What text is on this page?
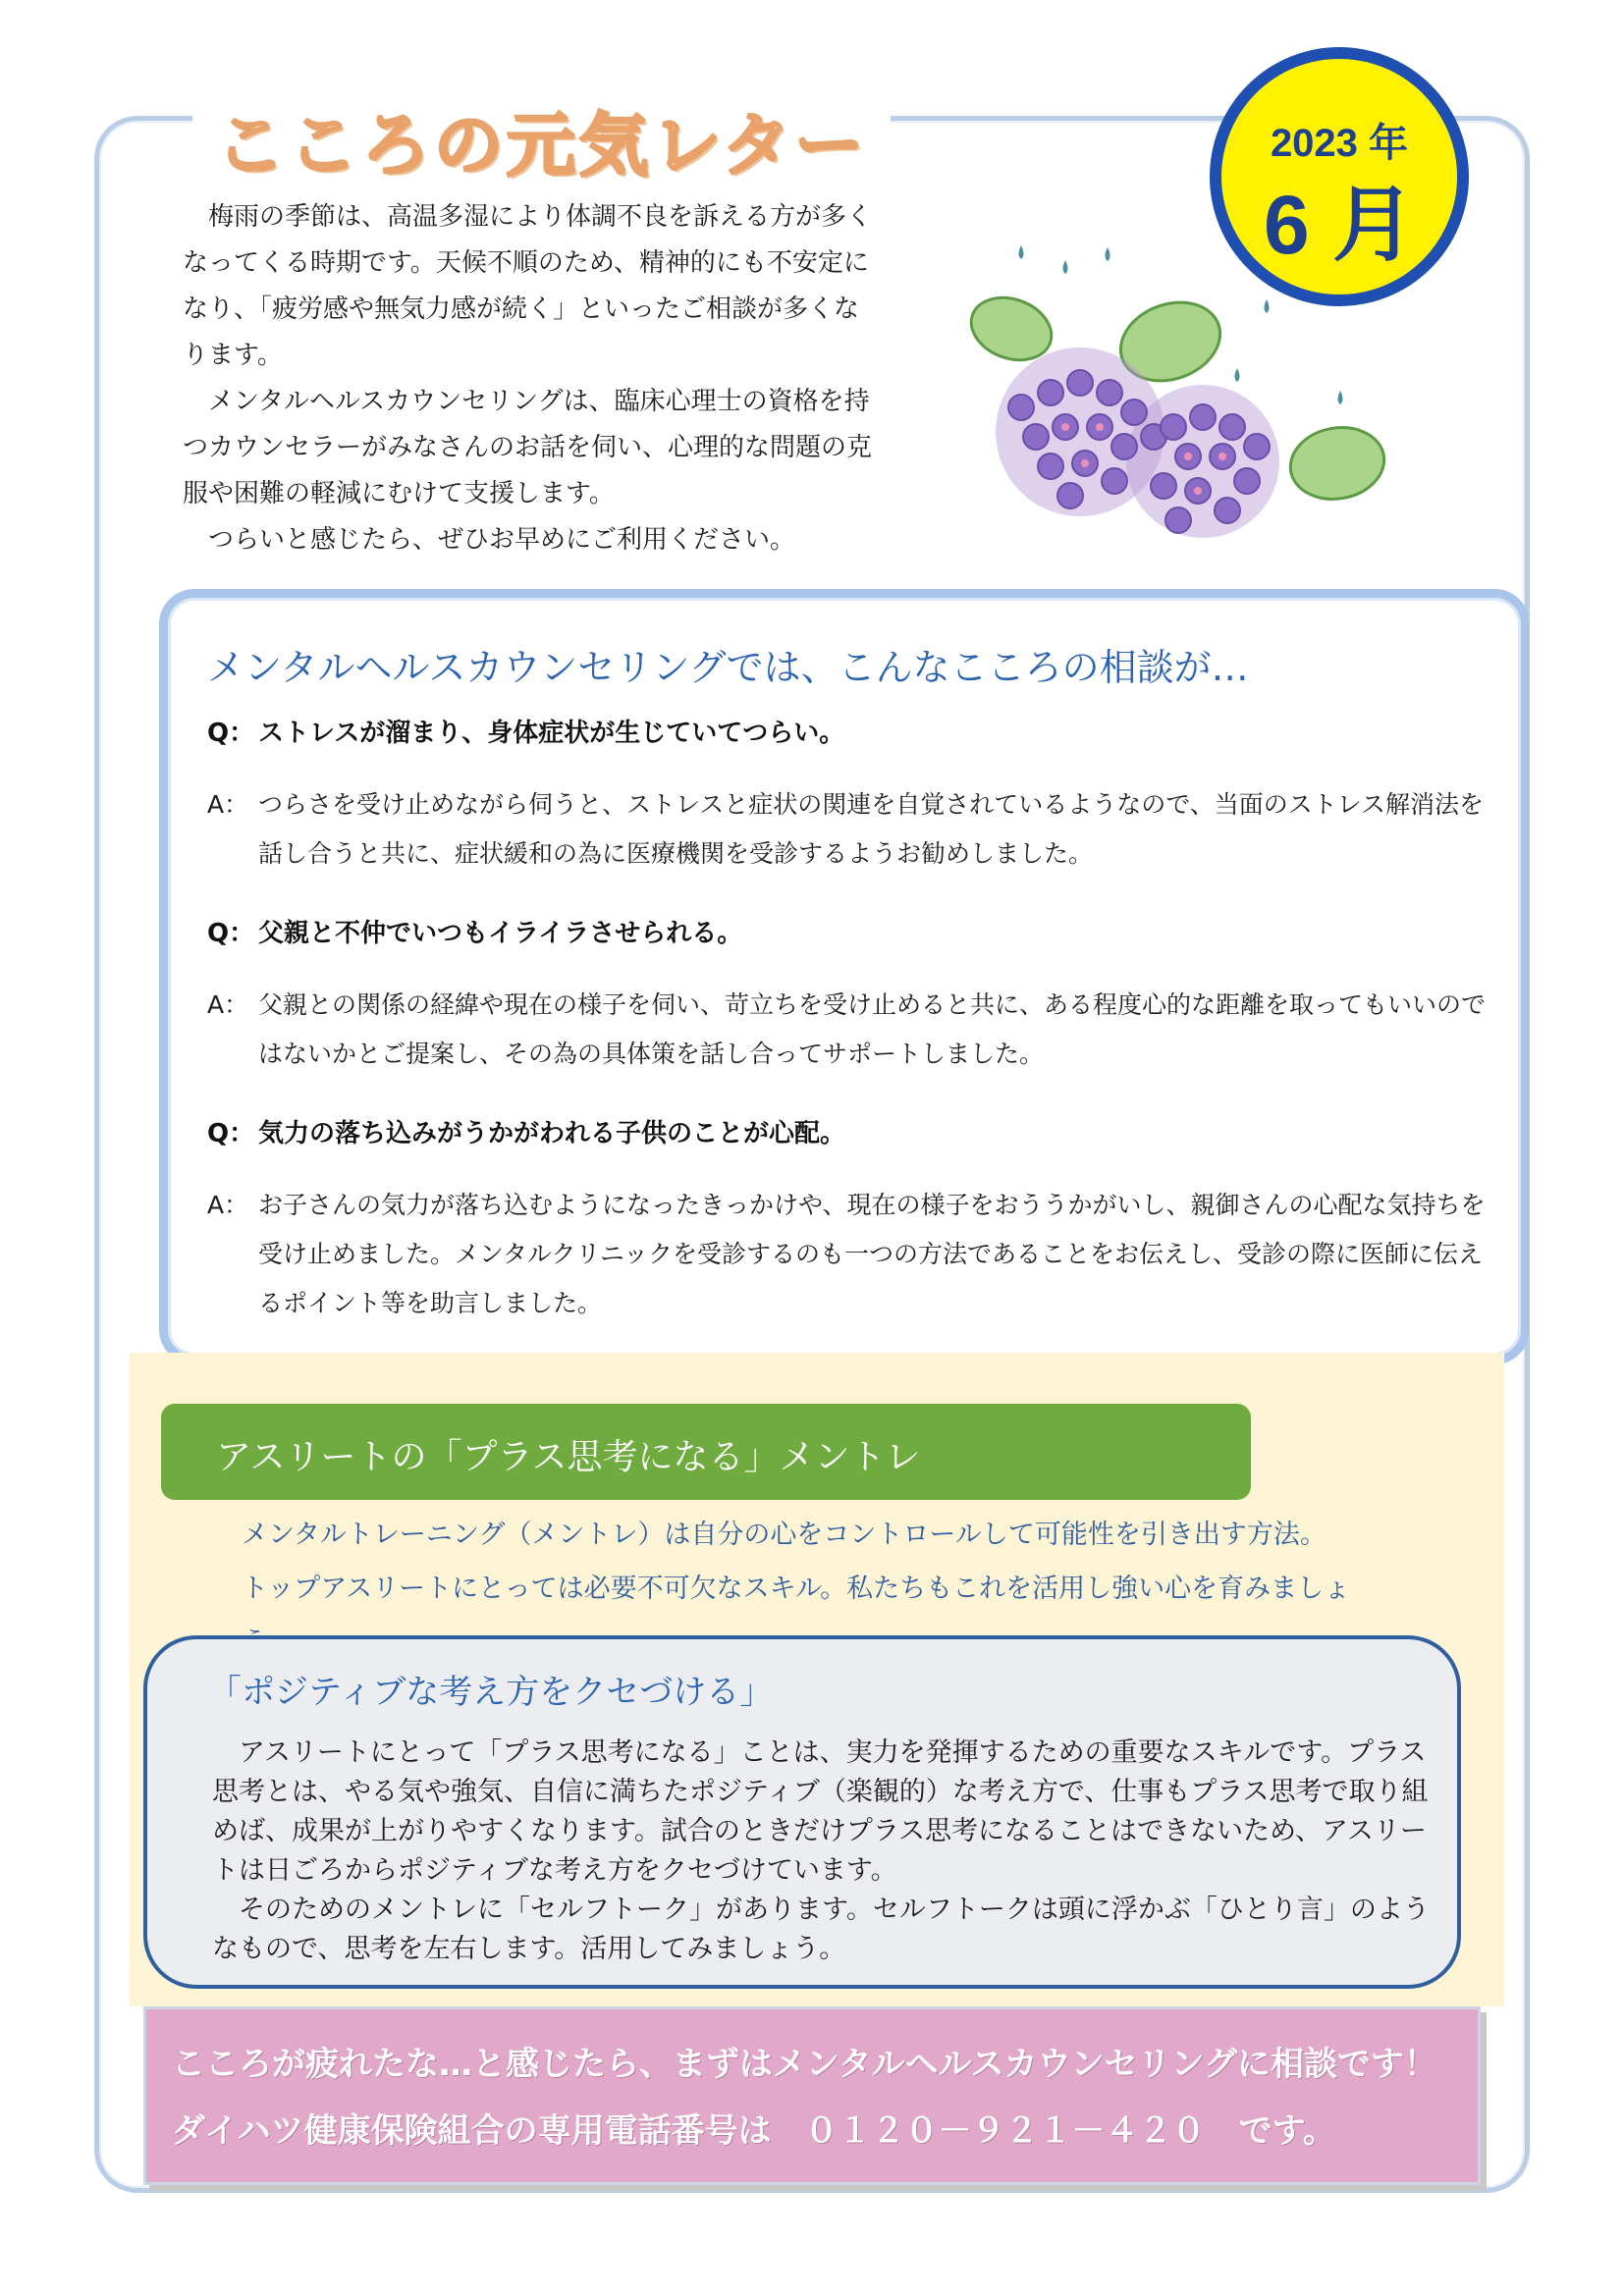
こころの元気レター	2023 年
6 月

梅雨の季節は、高温多湿により体調不良を訴える方が多くなってくる時期です。天候不順のため、精神的にも不安定になり、「疲労感や無気力感が続く」といったご相談が多くなります。

メンタルヘルスカウンセリングは、臨床心理士の資格を持つカウンセラーがみなさんのお話を伺い、心理的な問題の克服や困難の軽減にむけて支援します。

つらいと感じたら、ぜひお早めにご利用ください。

メンタルヘルスカウンセリングでは、こんなこころの相談が…

Q： ストレスが溜まり、身体症状が生じていてつらい。

A： つらさを受け止めながら伺うと、ストレスと症状の関連を自覚されているようなので、当面のストレス解消法を話し合うと共に、症状緩和の為に医療機関を受診するようお勧めしました。

Q： 父親と不仲でいつもイライラさせられる。

A： 父親との関係の経緯や現在の様子を伺い、苛立ちを受け止めると共に、ある程度心的な距離を取ってもいいのではないかとご提案し、その為の具体策を話し合ってサポートしました。

Q： 気力の落ち込みがうかがわれる子供のことが心配。

A： お子さんの気力が落ち込むようになったきっかけや、現在の様子をおううかがいし、親御さんの心配な気持ちを受け止めました。メンタルクリニックを受診するのも一つの方法であることをお伝えし、受診の際に医師に伝えるポイント等を助言しました。

アスリートの「プラス思考になる」メントレ

メンタルトレーニング（メントレ）は自分の心をコントロールして可能性を引き出す方法。

トップアスリートにとっては必要不可欠なスキル。私たちもこれを活用し強い心を育みましょ

「ポジティブな考え方をクセづける」

アスリートにとって「プラス思考になる」ことは、実力を発揮するための重要なスキルです。プラス思考とは、やる気や強気、自信に満ちたポジティブ（楽観的）な考え方で、仕事もプラス思考で取り組めば、成果が上がりやすくなります。試合のときだけプラス思考になることはできないため、アスリートは日ごろからポジティブな考え方をクセづけています。

そのためのメントレに「セルフトーク」があります。セルフトークは頭に浮かぶ「ひとり言」のようなもので、思考を左右します。活用してみましょう。

こころが疲れたな…と感じたら、まずはメンタルヘルスカウンセリングに相談です！
ダイハツ健康保険組合の専用電話番号は　０１２０－９２１－４２０　です。
